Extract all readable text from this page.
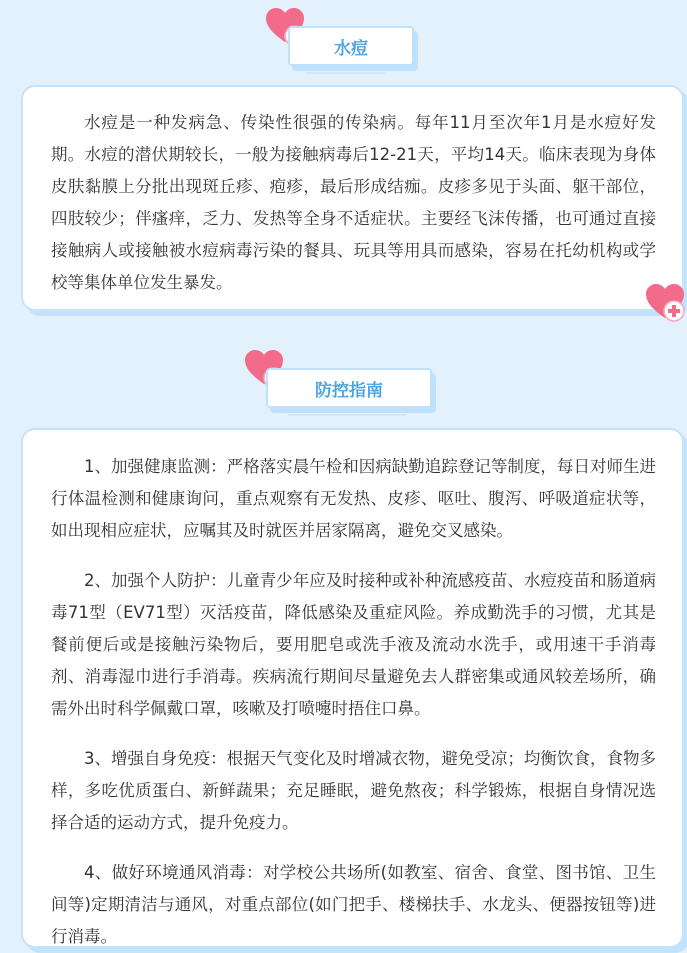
水痘

水痘是一种发病急、传染性很强的传染病。每年11月至次年1月是水痘好发期。水痘的潜伏期较长，一般为接触病毒后12-21天，平均14天。临床表现为身体皮肤黏膜上分批出现斑丘疹、疱疹，最后形成结痂。皮疹多见于头面、躯干部位，四肢较少；伴瘙痒，乏力、发热等全身不适症状。主要经飞沫传播，也可通过直接接触病人或接触被水痘病毒污染的餐具、玩具等用具而感染，容易在托幼机构或学校等集体单位发生暴发。

防控指南

1、加强健康监测：严格落实晨午检和因病缺勤追踪登记等制度，每日对师生进行体温检测和健康询问，重点观察有无发热、皮疹、呕吐、腹泻、呼吸道症状等，如出现相应症状，应嘱其及时就医并居家隔离，避免交叉感染。

2、加强个人防护：儿童青少年应及时接种或补种流感疫苗、水痘疫苗和肠道病毒71型（EV71型）灭活疫苗，降低感染及重症风险。养成勤洗手的习惯，尤其是餐前便后或是接触污染物后，要用肥皂或洗手液及流动水洗手，或用速干手消毒剂、消毒湿巾进行手消毒。疾病流行期间尽量避免去人群密集或通风较差场所，确需外出时科学佩戴口罩，咳嗽及打喷嚏时捂住口鼻。

3、增强自身免疫：根据天气变化及时增减衣物，避免受凉；均衡饮食，食物多样，多吃优质蛋白、新鲜蔬果；充足睡眠，避免熬夜；科学锻炼，根据自身情况选择合适的运动方式，提升免疫力。

4、做好环境通风消毒：对学校公共场所(如教室、宿舍、食堂、图书馆、卫生间等)定期清洁与通风，对重点部位(如门把手、楼梯扶手、水龙头、便器按钮等)进行消毒。
